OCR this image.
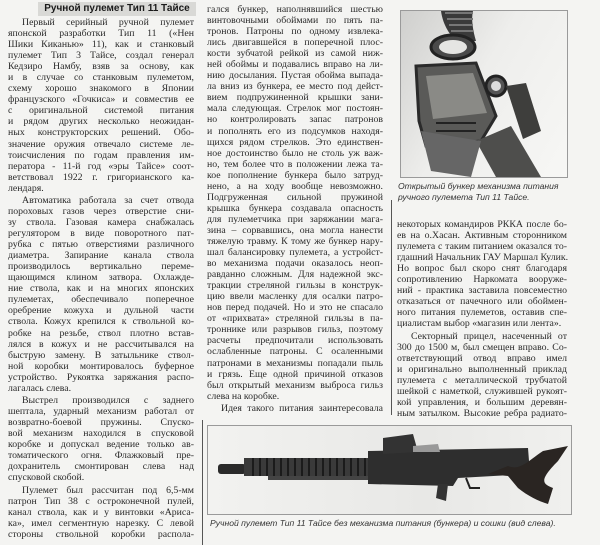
Ручной пулемет Тип 11 Тайсе
Первый серийный ручной пулемет
японской разработки Тип 11 («Нен
Шики Киканью» 11), как и станковый
пулемет Тип 3 Тайсе, создал генерал
Кедзиро Намбу, взяв за основу, как
и в случае со станковым пулеметом,
схему хорошо знакомого в Японии
французского «Гочкиса» и совместив ее
с оригинальной системой питания
и рядом других несколько неожидан-
ных конструкторских решений. Обо-
значение оружия отвечало системе ле-
тоисчисления по годам правления им-
ператора - 11-й год «эры Тайсе» соот-
ветствовал 1922 г. григорианского ка-
лендаря.
Автоматика работала за счет отвода
пороховых газов через отверстие сни-
зу ствола. Газовая камера снабжалась
регулятором в виде поворотного пат-
рубка с пятью отверстиями различного
диаметра. Запирание канала ствола
производилось вертикально переме-
щающимся клином затвора. Охлажде-
ние ствола, как и на многих японских
пулеметах, обеспечивало поперечное
оребрение кожуха и дульной части
ствола. Кожух крепился к ствольной ко-
робке на резьбе, ствол плотно встав-
лялся в кожух и не рассчитывался на
быструю замену. В затыльнике ствол-
ной коробки монтировалось буферное
устройство. Рукоятка заряжания распо-
лагалась слева.
Выстрел производился с заднего
шептала, ударный механизм работал от
возвратно-боевой пружины. Спуско-
вой механизм находился в спусковой
коробке и допускал ведение только ав-
томатического огня. Флажковый пре-
дохранитель смонтирован слева над
спусковой скобой.
Пулемет был рассчитан под 6,5-мм
патрон Тип 38 с остроконечной пулей,
канал ствола, как и у винтовки «Ариса-
ка», имел сегментную нарезку. С левой
стороны ствольной коробки распола-
гался бункер, наполнявшийся шестью
винтовочными обоймами по пять па-
тронов. Патроны по одному извлека-
лись двигавшейся в поперечной плос-
кости зубчатой рейкой из самой ниж-
ней обоймы и подавались вправо на ли-
нию досылания. Пустая обойма выпада-
ла вниз из бункера, ее место под дейст-
вием подпружиненной крышки зани-
мала следующая. Стрелок мог постоян-
но контролировать запас патронов
и пополнять его из подсумков находя-
щихся рядом стрелков. Это единствен-
ное достоинство было не столь уж важ-
но, тем более что в положении лежа та-
кое пополнение бункера было затруд-
нено, а на ходу вообще невозможно.
Подгруженная сильной пружиной
крышка бункера создавала опасность
для пулеметчика при заряжании мага-
зина – сорвавшись, она могла нанести
тяжелую травму. К тому же бункер нару-
шал балансировку пулемета, а устройст-
во механизма подачи оказалось неоп-
равданно сложным. Для надежной экс-
тракции стреляной гильзы в конструк-
цию ввели масленку для осалки патро-
нов перед подачей. Но и это не спасало
от «прихвата» стреляной гильзы в па-
троннике или разрывов гильз, поэтому
расчеты предпочитали использовать
ослабленные патроны. С осаленными
патронами в механизмы попадали пыль
и грязь. Еще одной причиной отказов
был открытый механизм выброса гильз
слева на коробке.
Идея такого питания заинтересовала
некоторых командиров РККА после бо-
ев на о.Хасан. Активным сторонником
пулемета с таким питанием оказался то-
гдашний Начальник ГАУ Маршал Кулик.
Но вопрос был скоро снят благодаря
сопротивлению Наркомата вооруже-
ний - практика заставила повсеместно
отказаться от пачечного или обоймен-
ного питания пулеметов, оставив спе-
циалистам выбор «магазин или лента».
Секторный прицел, насеченный от
300 до 1500 м, был смещен вправо. Со-
ответствующий отвод вправо имел
и оригинально выполненный приклад
пулемета с металлической трубчатой
шейкой с наметкой, служившей рукоят-
кой управления, и большим деревян-
ным затылком. Высокие ребра радиато-
Открытый бункер механизма питания ручного пулемета Тип 11 Тайсе.
Ручной пулемет Тип 11 Тайсе без механизма питания (бункера) и сошки (вид слева).
